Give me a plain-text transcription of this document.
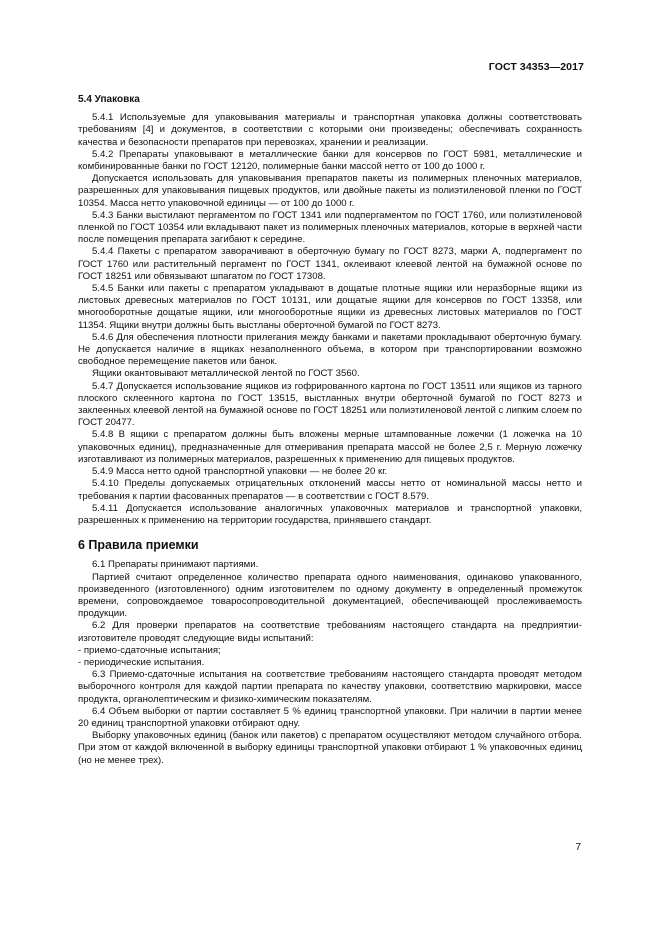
ГОСТ 34353—2017
5.4 Упаковка

5.4.1 Используемые для упаковывания материалы и транспортная упаковка должны соответствовать требованиям [4] и документов, в соответствии с которыми они произведены; обеспечивать сохранность качества и безопасности препаратов при перевозках, хранении и реализации.

5.4.2 Препараты упаковывают в металлические банки для консервов по ГОСТ 5981, металлические и комбинированные банки по ГОСТ 12120, полимерные банки массой нетто от 100 до 1000 г.

Допускается использовать для упаковывания препаратов пакеты из полимерных пленочных материалов, разрешенных для упаковывания пищевых продуктов, или двойные пакеты из полиэтиленовой пленки по ГОСТ 10354. Масса нетто упаковочной единицы — от 100 до 1000 г.

5.4.3 Банки выстилают пергаментом по ГОСТ 1341 или подпергаментом по ГОСТ 1760, или полиэтиленовой пленкой по ГОСТ 10354 или вкладывают пакет из полимерных пленочных материалов, которые в верхней части после помещения препарата загибают к середине.

5.4.4 Пакеты с препаратом заворачивают в оберточную бумагу по ГОСТ 8273, марки А, подпергамент по ГОСТ 1760 или растительный пергамент по ГОСТ 1341, оклеивают клеевой лентой на бумажной основе по ГОСТ 18251 или обвязывают шпагатом по ГОСТ 17308.

5.4.5 Банки или пакеты с препаратом укладывают в дощатые плотные ящики или неразборные ящики из листовых древесных материалов по ГОСТ 10131, или дощатые ящики для консервов по ГОСТ 13358, или многооборотные дощатые ящики, или многооборотные ящики из древесных листовых материалов по ГОСТ 11354. Ящики внутри должны быть выстланы оберточной бумагой по ГОСТ 8273.

5.4.6 Для обеспечения плотности прилегания между банками и пакетами прокладывают оберточную бумагу. Не допускается наличие в ящиках незаполненного объема, в котором при транспортировании возможно свободное перемещение пакетов или банок.

Ящики окантовывают металлической лентой по ГОСТ 3560.

5.4.7 Допускается использование ящиков из гофрированного картона по ГОСТ 13511 или ящиков из тарного плоского склеенного картона по ГОСТ 13515, выстланных внутри оберточной бумагой по ГОСТ 8273 и заклеенных клеевой лентой на бумажной основе по ГОСТ 18251 или полиэтиленовой лентой с липким слоем по ГОСТ 20477.

5.4.8 В ящики с препаратом должны быть вложены мерные штампованные ложечки (1 ложечка на 10 упаковочных единиц), предназначенные для отмеривания препарата массой не более 2,5 г. Мерную ложечку изготавливают из полимерных материалов, разрешенных к применению для пищевых продуктов.

5.4.9 Масса нетто одной транспортной упаковки — не более 20 кг.

5.4.10 Пределы допускаемых отрицательных отклонений массы нетто от номинальной массы нетто и требования к партии фасованных препаратов — в соответствии с ГОСТ 8.579.

5.4.11 Допускается использование аналогичных упаковочных материалов и транспортной упаковки, разрешенных к применению на территории государства, принявшего стандарт.

6 Правила приемки

6.1 Препараты принимают партиями.

Партией считают определенное количество препарата одного наименования, одинаково упакованного, произведенного (изготовленного) одним изготовителем по одному документу в определенный промежуток времени, сопровождаемое товаросопроводительной документацией, обеспечивающей прослеживаемость продукции.

6.2 Для проверки препаратов на соответствие требованиям настоящего стандарта на предприятии-изготовителе проводят следующие виды испытаний:

- приемо-сдаточные испытания;

- периодические испытания.

6.3 Приемо-сдаточные испытания на соответствие требованиям настоящего стандарта проводят методом выборочного контроля для каждой партии препарата по качеству упаковки, соответствию маркировки, массе продукта, органолептическим и физико-химическим показателям.

6.4 Объем выборки от партии составляет 5 % единиц транспортной упаковки. При наличии в партии менее 20 единиц транспортной упаковки отбирают одну.

Выборку упаковочных единиц (банок или пакетов) с препаратом осуществляют методом случайного отбора. При этом от каждой включенной в выборку единицы транспортной упаковки отбирают 1 % упаковочных единиц (но не менее трех).

7
